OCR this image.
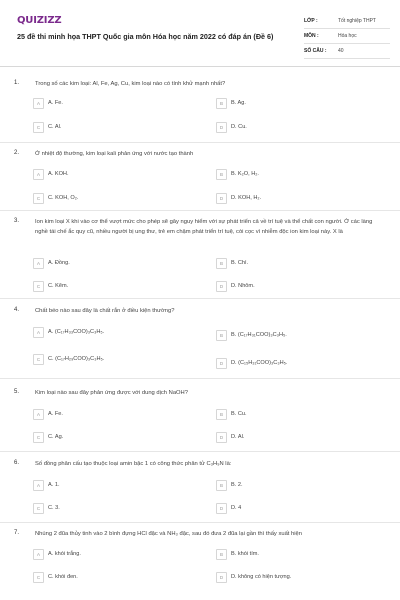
QUIZIZZ
25 đề thi minh họa THPT Quốc gia môn Hóa học năm 2022 có đáp án (Đề 6)
LỚP :	Tốt nghiệp THPT
MÔN :	Hóa học
SỐ CÂU :	40
1.	Trong số các kim loại: Al, Fe, Ag, Cu, kim loại nào có tính khử mạnh nhất?
A	A. Fe.	B	B. Ag.
C	C. Al.	D	D. Cu.
2.	Ở nhiệt độ thường, kim loại kali phản ứng với nước tạo thành
A	A. KOH.	B	B. K₂O, H₂.
C	C. KOH, O₂.	D	D. KOH, H₂.
3.	Ion kim loại X khi vào cơ thể vượt mức cho phép sẽ gây nguy hiểm với sự phát triển cả về trí tuệ và thể chất con người. Ở các làng nghề tái chế ắc quy cũ, nhiều người bị ung thư, trẻ em chậm phát triển trí tuệ, còi cọc vì nhiễm độc ion kim loại này. X là
A	A. Đồng.	B	B. Chì.
C	C. Kẽm.	D	D. Nhôm.
4.	Chất béo nào sau đây là chất rắn ở điều kiện thường?
A	A. (C₁₇H₃₃COO)₃C₃H₅.	B	B. (C₁₇H₃₁COO)₃C₃H₅.
C	C. (C₁₇H₂₉COO)₃C₃H₅.
D	D. (C₁₅H₃₁COO)₃C₃H₅.
5.	Kim loại nào sau đây phản ứng được với dung dịch NaOH?
A	A. Fe.	B	B. Cu.
C	C. Ag.	D	D. Al.
6.	Số đồng phân cấu tạo thuộc loại amin bậc 1 có công thức phân tử C₃H₉N là:
A	A. 1.	B	B. 2.
C	C. 3.	D	D. 4
7.	Nhúng 2 đũa thủy tinh vào 2 bình đựng HCl đặc và NH₃ đặc, sau đó đưa 2 đũa lại gần thì thấy xuất hiện
A	A. khói trắng.	B	B. khói tím.
C	C. khói đen.	D	D. không có hiện tượng.
